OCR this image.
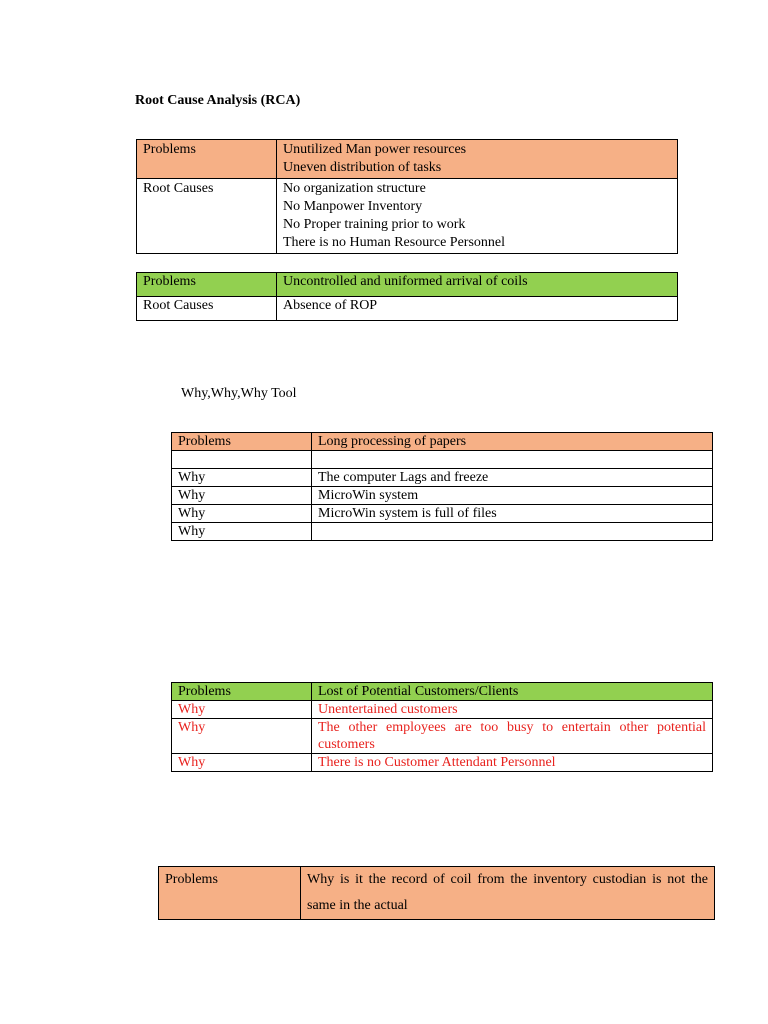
Root Cause Analysis (RCA)
Problems	Unutilized Man power resources
Uneven distribution of tasks

Root Causes	No organization structure
No Manpower Inventory
No Proper training prior to work
There is no Human Resource Personnel
Problems	Uncontrolled and uniformed arrival of coils
Root Causes	Absence of ROP
Why,Why,Why Tool
Problems	Long processing of papers

Why	The computer Lags and freeze
Why	MicroWin system
Why	MicroWin system is full of files
Why	
Problems	Lost of Potential Customers/Clients
Why	Unentertained customers
Why	The other employees are too busy to entertain other potential customers
Why	There is no Customer Attendant Personnel
Problems	Why is it the record of coil from the inventory custodian is not the same in the actual
